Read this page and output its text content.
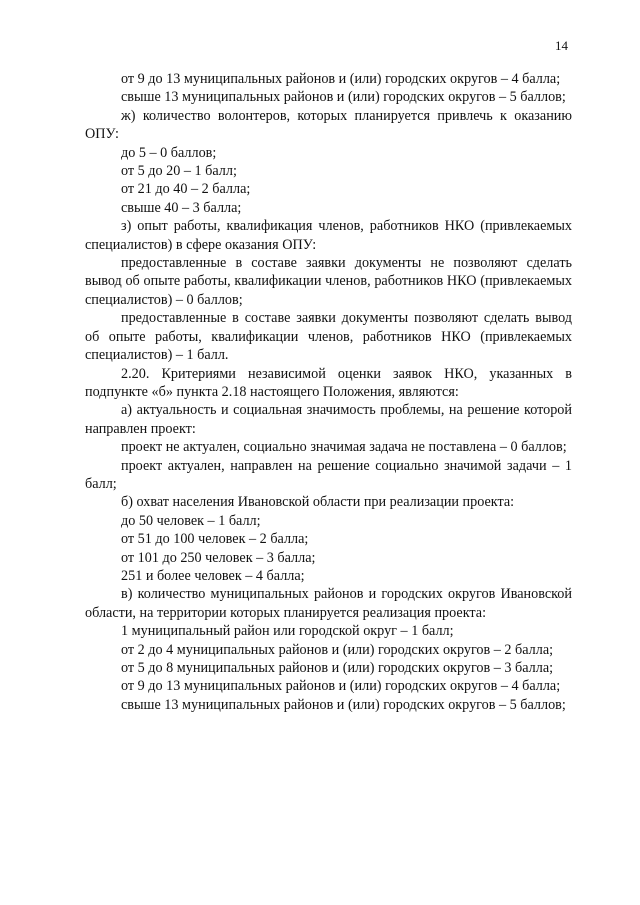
14

от 9 до 13 муниципальных районов и (или) городских округов – 4 балла;

свыше 13 муниципальных районов и (или) городских округов – 5 баллов;

ж) количество волонтеров, которых планируется привлечь к оказанию ОПУ:

до 5 – 0 баллов;

от 5 до 20 – 1 балл;

от 21 до 40 – 2 балла;

свыше 40 – 3 балла;

з) опыт работы, квалификация членов, работников НКО (привлекаемых специалистов) в сфере оказания ОПУ:

предоставленные в составе заявки документы не позволяют сделать вывод об опыте работы, квалификации членов, работников НКО (привлекаемых специалистов) – 0 баллов;

предоставленные в составе заявки документы позволяют сделать вывод об опыте работы, квалификации членов, работников НКО (привлекаемых специалистов) – 1 балл.

2.20. Критериями независимой оценки заявок НКО, указанных в подпункте «б» пункта 2.18 настоящего Положения, являются:

а) актуальность и социальная значимость проблемы, на решение которой направлен проект:

проект не актуален, социально значимая задача не поставлена – 0 баллов;

проект актуален, направлен на решение социально значимой задачи – 1 балл;

б) охват населения Ивановской области при реализации проекта:

до 50 человек – 1 балл;

от 51 до 100 человек – 2 балла;

от 101 до 250 человек – 3 балла;

251 и более человек – 4 балла;

в) количество муниципальных районов и городских округов Ивановской области, на территории которых планируется реализация проекта:

1 муниципальный район или городской округ – 1 балл;

от 2 до 4 муниципальных районов и (или) городских округов – 2 балла;

от 5 до 8 муниципальных районов и (или) городских округов – 3 балла;

от 9 до 13 муниципальных районов и (или) городских округов – 4 балла;

свыше 13 муниципальных районов и (или) городских округов – 5 баллов;
